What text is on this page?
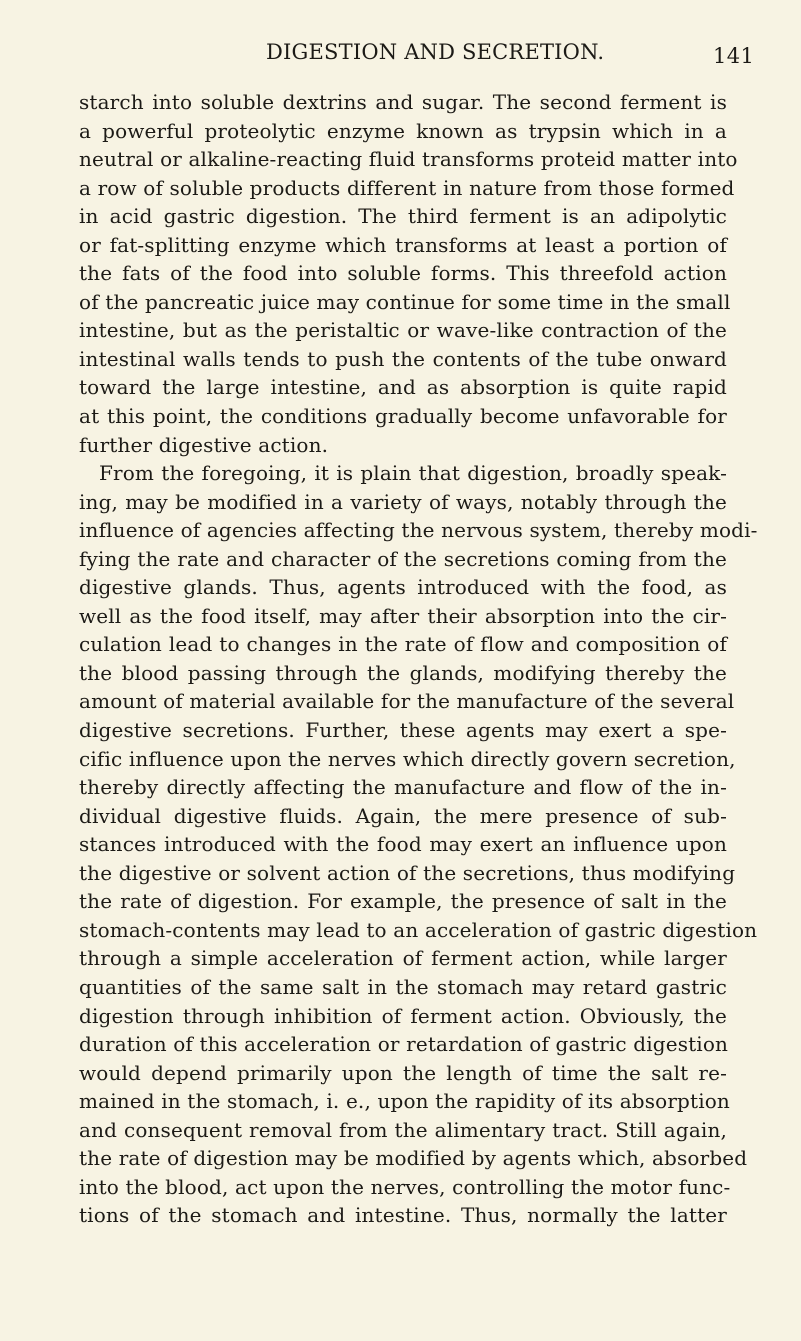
DIGESTION AND SECRETION.	141
starch into soluble dextrins and sugar. The second ferment is
a powerful proteolytic enzyme known as trypsin which in a
neutral or alkaline-reacting fluid transforms proteid matter into
a row of soluble products different in nature from those formed
in acid gastric digestion. The third ferment is an adipolytic
or fat-splitting enzyme which transforms at least a portion of
the fats of the food into soluble forms. This threefold action
of the pancreatic juice may continue for some time in the small
intestine, but as the peristaltic or wave-like contraction of the
intestinal walls tends to push the contents of the tube onward
toward the large intestine, and as absorption is quite rapid
at this point, the conditions gradually become unfavorable for
further digestive action.
From the foregoing, it is plain that digestion, broadly speak-
ing, may be modified in a variety of ways, notably through the
influence of agencies affecting the nervous system, thereby modi-
fying the rate and character of the secretions coming from the
digestive glands. Thus, agents introduced with the food, as
well as the food itself, may after their absorption into the cir-
culation lead to changes in the rate of flow and composition of
the blood passing through the glands, modifying thereby the
amount of material available for the manufacture of the several
digestive secretions. Further, these agents may exert a spe-
cific influence upon the nerves which directly govern secretion,
thereby directly affecting the manufacture and flow of the in-
dividual digestive fluids. Again, the mere presence of sub-
stances introduced with the food may exert an influence upon
the digestive or solvent action of the secretions, thus modifying
the rate of digestion. For example, the presence of salt in the
stomach-contents may lead to an acceleration of gastric digestion
through a simple acceleration of ferment action, while larger
quantities of the same salt in the stomach may retard gastric
digestion through inhibition of ferment action. Obviously, the
duration of this acceleration or retardation of gastric digestion
would depend primarily upon the length of time the salt re-
mained in the stomach, i. e., upon the rapidity of its absorption
and consequent removal from the alimentary tract. Still again,
the rate of digestion may be modified by agents which, absorbed
into the blood, act upon the nerves, controlling the motor func-
tions of the stomach and intestine. Thus, normally the latter
